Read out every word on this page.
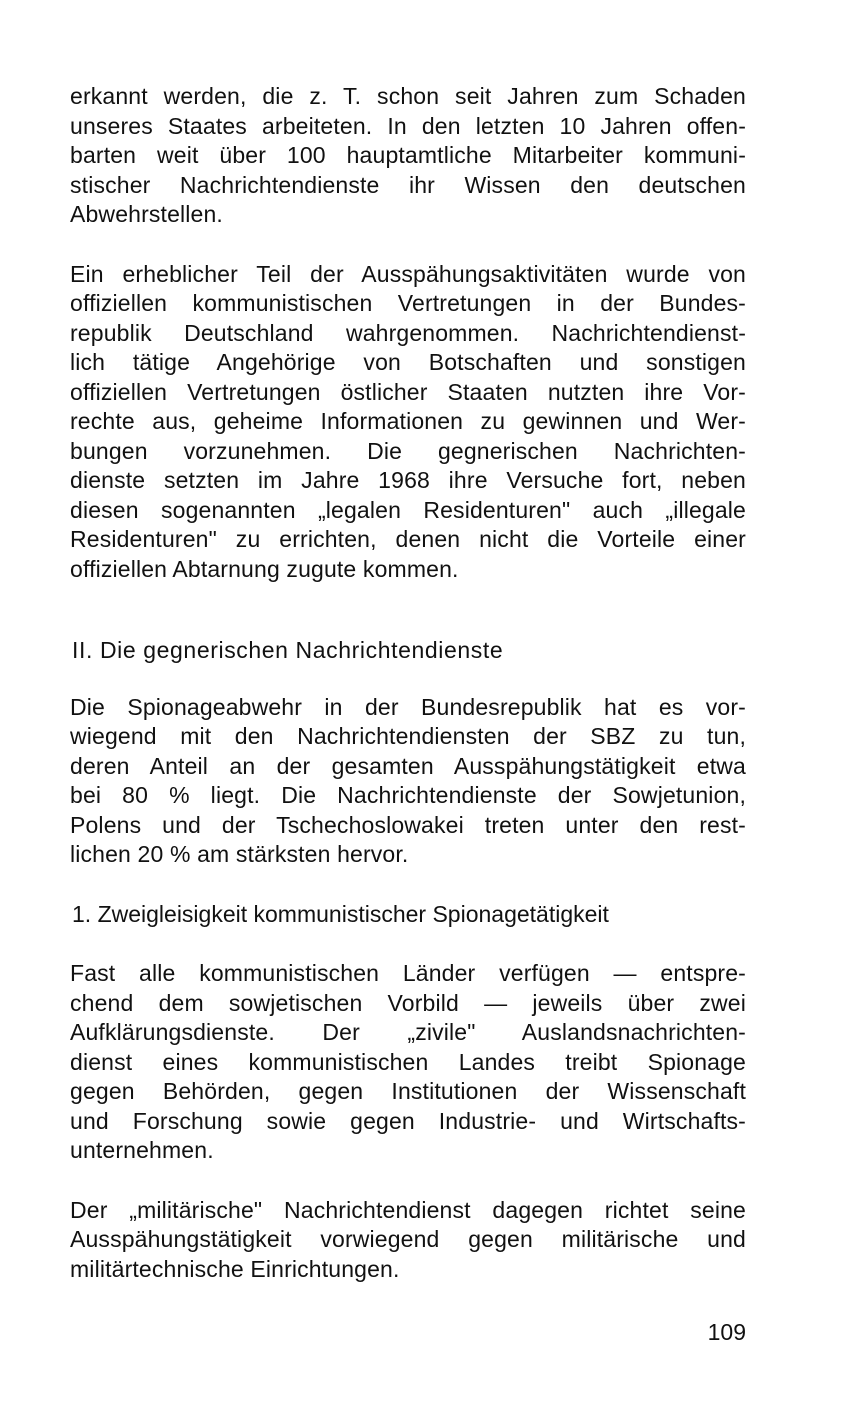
erkannt werden, die z. T. schon seit Jahren zum Schaden
unseres Staates arbeiteten. In den letzten 10 Jahren offen-
barten weit über 100 hauptamtliche Mitarbeiter kommuni-
stischer Nachrichtendienste ihr Wissen den deutschen
Abwehrstellen.

Ein erheblicher Teil der Ausspähungsaktivitäten wurde von
offiziellen kommunistischen Vertretungen in der Bundes-
republik Deutschland wahrgenommen. Nachrichtendienst-
lich tätige Angehörige von Botschaften und sonstigen
offiziellen Vertretungen östlicher Staaten nutzten ihre Vor-
rechte aus, geheime Informationen zu gewinnen und Wer-
bungen vorzunehmen. Die gegnerischen Nachrichten-
dienste setzten im Jahre 1968 ihre Versuche fort, neben
diesen sogenannten „legalen Residenturen" auch „illegale
Residenturen" zu errichten, denen nicht die Vorteile einer
offiziellen Abtarnung zugute kommen.

II. Die gegnerischen Nachrichtendienste

Die Spionageabwehr in der Bundesrepublik hat es vor-
wiegend mit den Nachrichtendiensten der SBZ zu tun,
deren Anteil an der gesamten Ausspähungstätigkeit etwa
bei 80 % liegt. Die Nachrichtendienste der Sowjetunion,
Polens und der Tschechoslowakei treten unter den rest-
lichen 20 % am stärksten hervor.

1. Zweigleisigkeit kommunistischer Spionagetätigkeit

Fast alle kommunistischen Länder verfügen — entspre-
chend dem sowjetischen Vorbild — jeweils über zwei
Aufklärungsdienste. Der „zivile" Auslandsnachrichten-
dienst eines kommunistischen Landes treibt Spionage
gegen Behörden, gegen Institutionen der Wissenschaft
und Forschung sowie gegen Industrie- und Wirtschafts-
unternehmen.

Der „militärische" Nachrichtendienst dagegen richtet seine
Ausspähungstätigkeit vorwiegend gegen militärische und
militärtechnische Einrichtungen.

109
